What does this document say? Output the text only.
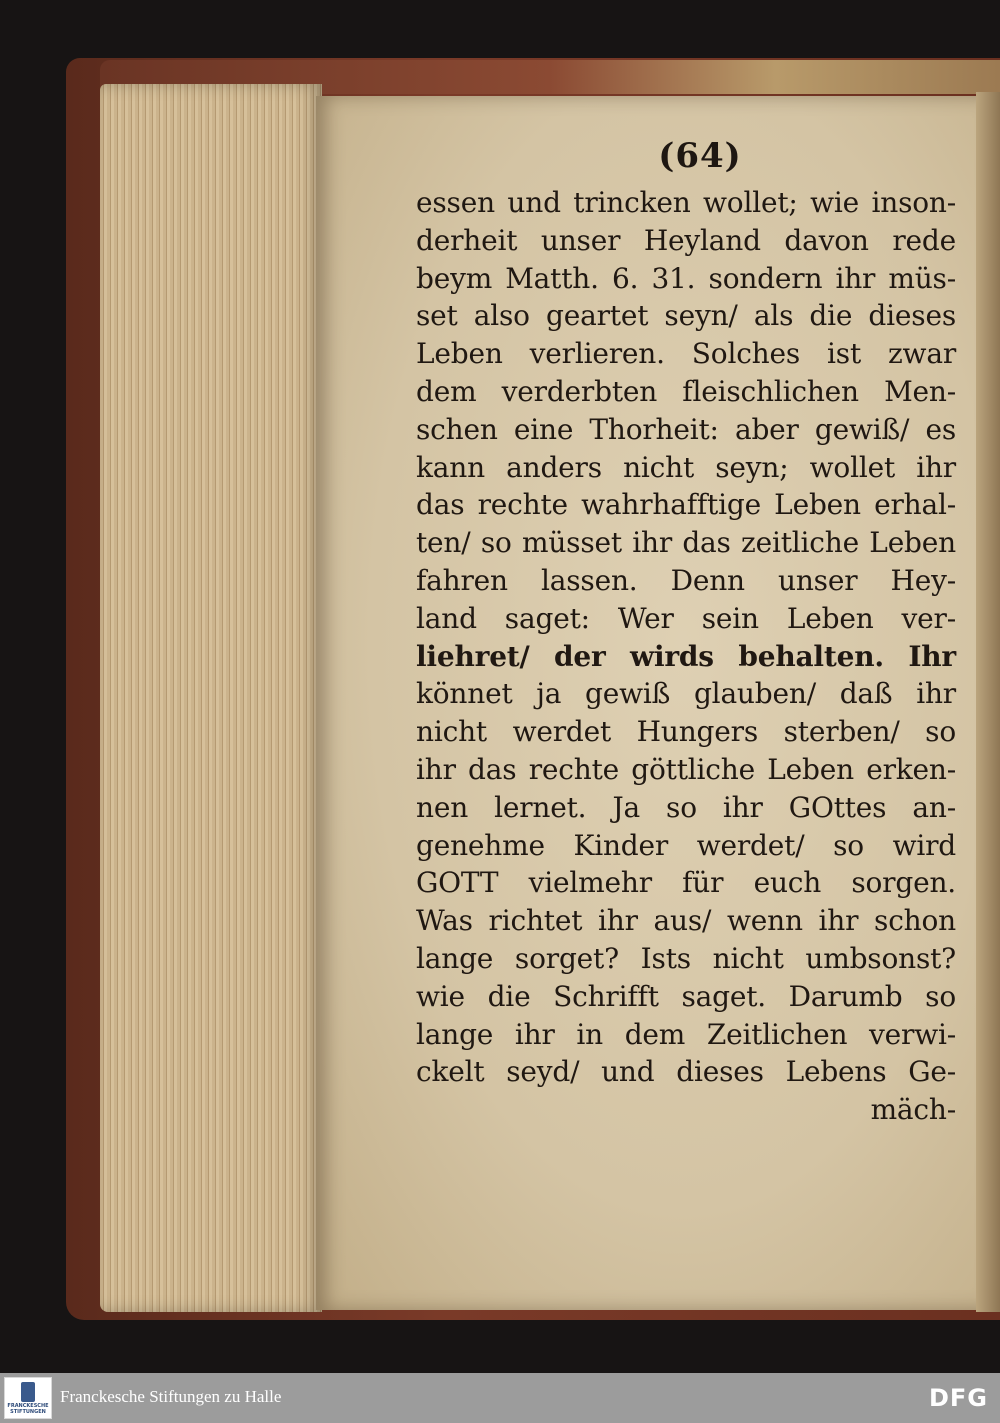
(64)
essen und trincken wollet; wie inson-
derheit unser Heyland davon rede
beym Matth. 6. 31. sondern ihr müs-
set also geartet seyn/ als die dieses
Leben verlieren. Solches ist zwar
dem verderbten fleischlichen Men-
schen eine Thorheit: aber gewiß/ es
kann anders nicht seyn; wollet ihr
das rechte wahrhafftige Leben erhal-
ten/ so müsset ihr das zeitliche Leben
fahren lassen. Denn unser Hey-
land saget: Wer sein Leben ver-
liehret/ der wirds behalten. Ihr
könnet ja gewiß glauben/ daß ihr
nicht werdet Hungers sterben/ so
ihr das rechte göttliche Leben erken-
nen lernet. Ja so ihr GOttes an-
genehme Kinder werdet/ so wird
GOTT vielmehr für euch sorgen.
Was richtet ihr aus/ wenn ihr schon
lange sorget? Ists nicht umbsonst?
wie die Schrifft saget. Darumb so
lange ihr in dem Zeitlichen verwi-
ckelt seyd/ und dieses Lebens Ge-
mäch-
FRANCKESCHE STIFTUNGEN
Franckesche Stiftungen zu Halle	DFG
